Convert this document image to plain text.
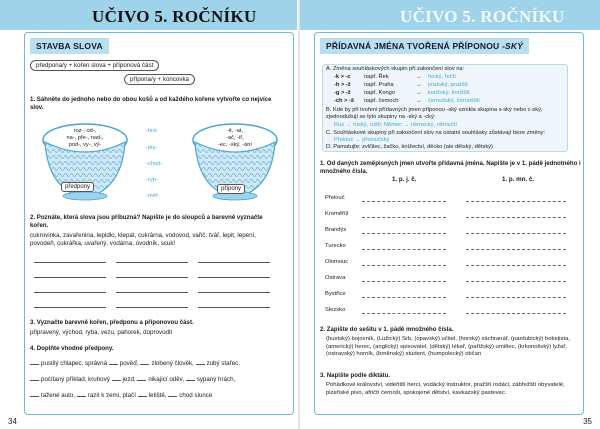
UČIVO 5. ROČNÍKU
STAVBA SLOVA
předpona/y + kořen slova + příponová část
přípona/y + koncovka
1. Sáhněte do jednoho nebo do obou košů a od každého kořene vytvořte co nejvíce slov.
roz-, od-,
na-, pře-, nad-,
pod-, vy-, vý-
předpony
-it, -at,
-ač, -íř,
-ec, -ský, -ání
přípony
-hrá-
-pis-
-chod-
-ryp-
-měř-
2. Poznáte, která slova jsou příbuzná? Napište je do sloupců a barevně vyznačte kořen.
cukrovinka, zavařenina, lepidlo, klepat, cukrárna, vodovod, vařič, tvář, lepit, lepení, povodeň, cukrářka, uvařený, vodárna, úvodník, scuk!
3. Vyznačte barevně kořen, předponu a příponovou část.
připravený, východ, ryba, vezu, pahorek, doprovodit
4. Doplňte vhodné předpony.
pustilý chlapec, správná pověď, zlobený člověk, zubý stařec,
počítaný příklad, kruhový jezd, nikající oděv, sypaný hrách,
tažené auto, razit k zemi, ptačí letiště, chod slunce
34
UČIVO 5. ROČNÍKU
PŘÍDAVNÁ JMÉNA TVOŘENÁ PŘÍPONOU -SKÝ
A. Změna souhláskových skupin při zakončení slov na:
-k > -c např. Řek	→ řecký, řečtí
-h > -ž např. Praha	→ pražský, pražští
-g > -ž např. Kongo	→ konžský, konžští
-ch > -š např. čemoch	→ černošský, černošští
B. Kde by při tvoření přídavných jmen příponou -ský vznikla skupina s-ský nebo c-ský, zjednodušují se tyto skupiny na -ský a -cký:
Rus → ruský, ruští; Němec → německý, němečtí
C. Souhláskové skupiny při zakončení slov na ostatní souhlásky zůstávají beze změny:
Přelouč → přeloučský
D. Pamatujte: zvlčilec, žačko, knížectví, děcko (ale dětský, dětský)
1. Od daných zeměpisných jmen utvořte přídavná jména. Napište je v 1. pádě jednotného i množného čísla.
1. p. j. č.	1. p. mn. č.
Přelouč
Kroměříž
Brandýs
Turecko
Olomouc
Ostrava
Bystřice
Slezsko
2. Zapište do sešitu v 1. pádě množného čísla.
(hustský) bojovník, (Lužický) Srb, (opavský) učitel, (horský) záchranář, (pardubický) hokejista, (americký) herec, (anglický) spisovatel, (dětský) lékař, (pařížský) umělec, (krkonošský) lyžař, (ostravský) horník, (brněnský) student, (humpolecký) občan
3. Napište podle diktátu.
Pohádkové království, vidéňští herci, vodácký instruktor, pražští rodáci, zábřežští obyvatelé, plzeňské pivo, afričtí černoši, spokojené dětství, kavkazský pastevec.
35
